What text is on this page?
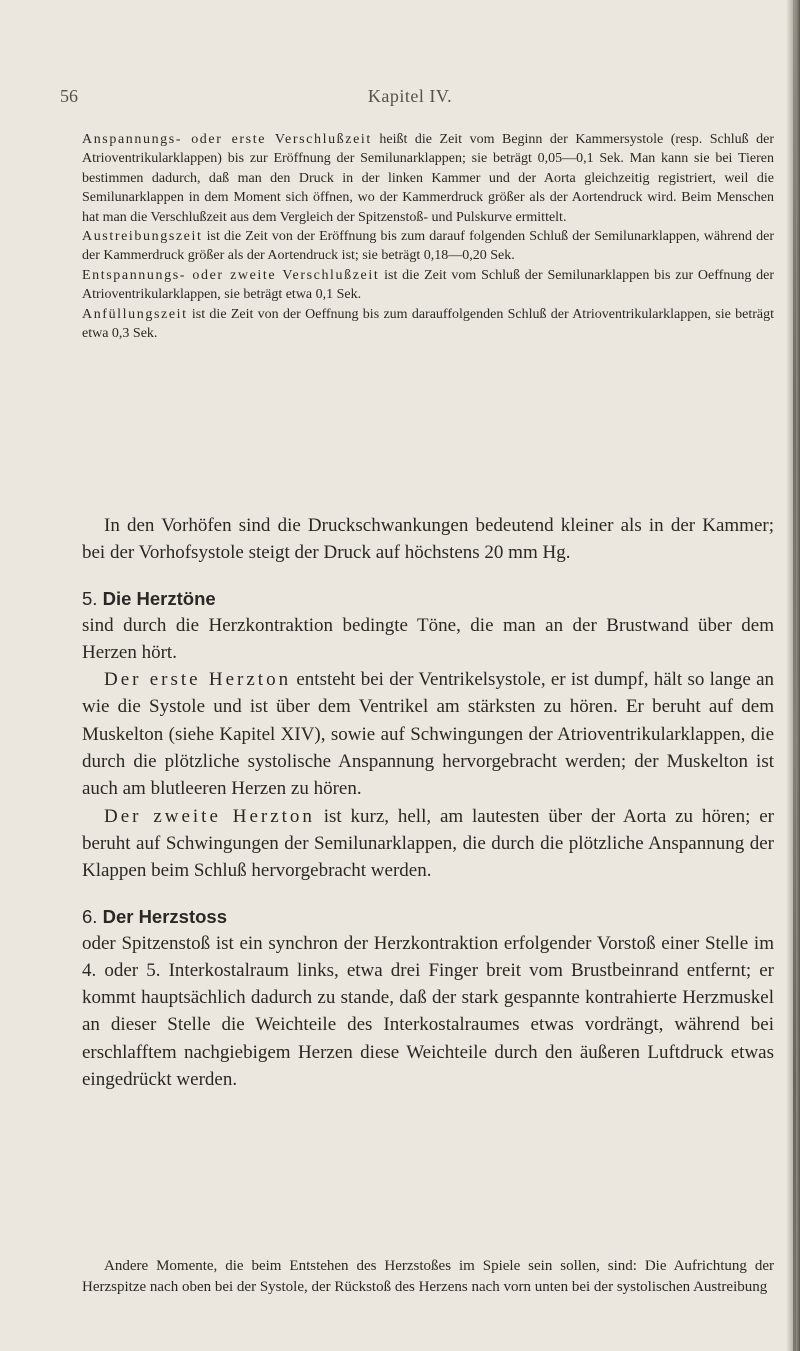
56	Kapitel IV.

Anspannungs- oder erste Verschlußzeit heißt die Zeit vom Beginn der Kammersystole (resp. Schluß der Atrioventrikularklappen) bis zur Eröffnung der Semilunarklappen; sie beträgt 0,05—0,1 Sek. Man kann sie bei Tieren bestimmen dadurch, daß man den Druck in der linken Kammer und der Aorta gleichzeitig registriert, weil die Semilunarklappen in dem Moment sich öffnen, wo der Kammerdruck größer als der Aortendruck wird. Beim Menschen hat man die Verschlußzeit aus dem Vergleich der Spitzenstoß- und Pulskurve ermittelt.

Austreibungszeit ist die Zeit von der Eröffnung bis zum darauf folgenden Schluß der Semilunarklappen, während der der Kammerdruck größer als der Aortendruck ist; sie beträgt 0,18—0,20 Sek.

Entspannungs- oder zweite Verschlußzeit ist die Zeit vom Schluß der Semilunarklappen bis zur Oeffnung der Atrioventrikularklappen, sie beträgt etwa 0,1 Sek.

Anfüllungszeit ist die Zeit von der Oeffnung bis zum darauffolgenden Schluß der Atrioventrikularklappen, sie beträgt etwa 0,3 Sek.

In den Vorhöfen sind die Druckschwankungen bedeutend kleiner als in der Kammer; bei der Vorhofsystole steigt der Druck auf höchstens 20 mm Hg.

5. Die Herztöne

sind durch die Herzkontraktion bedingte Töne, die man an der Brustwand über dem Herzen hört.

Der erste Herzton entsteht bei der Ventrikelsystole, er ist dumpf, hält so lange an wie die Systole und ist über dem Ventrikel am stärksten zu hören. Er beruht auf dem Muskelton (siehe Kapitel XIV), sowie auf Schwingungen der Atrioventrikularklappen, die durch die plötzliche systolische Anspannung hervorgebracht werden; der Muskelton ist auch am blutleeren Herzen zu hören.

Der zweite Herzton ist kurz, hell, am lautesten über der Aorta zu hören; er beruht auf Schwingungen der Semilunarklappen, die durch die plötzliche Anspannung der Klappen beim Schluß hervorgebracht werden.

6. Der Herzstoss

oder Spitzenstoß ist ein synchron der Herzkontraktion erfolgender Vorstoß einer Stelle im 4. oder 5. Interkostalraum links, etwa drei Finger breit vom Brustbeinrand entfernt; er kommt hauptsächlich dadurch zu stande, daß der stark gespannte kontrahierte Herzmuskel an dieser Stelle die Weichteile des Interkostalraumes etwas vordrängt, während bei erschlafftem nachgiebigem Herzen diese Weichteile durch den äußeren Luftdruck etwas eingedrückt werden.

Andere Momente, die beim Entstehen des Herzstoßes im Spiele sein sollen, sind: Die Aufrichtung der Herzspitze nach oben bei der Systole, der Rückstoß des Herzens nach vorn unten bei der systolischen Austreibung
